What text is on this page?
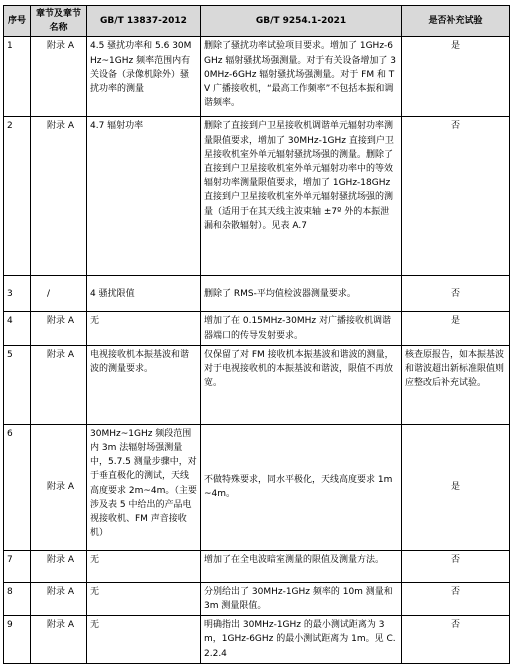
序号	章节及章节名称	GB/T 13837-2012	GB/T 9254.1-2021	是否补充试验
1	附录 A	4.5 骚扰功率和 5.6 30MHz~1GHz 频率范围内有关设备（录像机除外）骚扰功率的测量	删除了骚扰功率试验项目要求。增加了 1GHz-6GHz 辐射骚扰场强测量。对于有关设备增加了 30MHz-6GHz 辐射骚扰场强测量。对于 FM 和 TV 广播接收机，“最高工作频率”不包括本振和调谐频率。	是
2	附录 A	4.7 辐射功率	删除了直接到户卫星接收机调谐单元辐射功率测量限值要求，增加了 30MHz-1GHz 直接到户卫星接收机室外单元辐射骚扰场强的测量。删除了直接到户卫星接收机室外单元辐射功率中的等效辐射功率测量限值要求，增加了 1GHz-18GHz 直接到户卫星接收机室外单元辐射骚扰场强的测量（适用于在其天线主波束轴 ±7º 外的本振泄漏和杂散辐射）。见表 A.7	否
3	/	4 骚扰限值	删除了 RMS-平均值检波器测量要求。	否
4	附录 A	无	增加了在 0.15MHz-30MHz 对广播接收机调谐器端口的传导发射要求。	是
5	附录 A	电视接收机本振基波和谐波的测量要求。	仅保留了对 FM 接收机本振基波和谐波的测量，对于电视接收机的本振基波和谐波，限值不再放宽。	核查原报告，如本振基波和谐波超出新标准限值则应整改后补充试验。
6	附录 A	30MHz~1GHz 频段范围内 3m 法辐射场强测量中，5.7.5 测量步骤中，对于垂直极化的测试，天线高度要求 2m~4m。（主要涉及表 5 中给出的产品电视接收机、FM 声音接收机）	不做特殊要求，同水平极化，天线高度要求 1m~4m。	是
7	附录 A	无	增加了在全电波暗室测量的限值及测量方法。	否
8	附录 A	无	分别给出了 30MHz-1GHz 频率的 10m 测量和 3m 测量限值。	否
9	附录 A	无	明确指出 30MHz-1GHz 的最小测试距离为 3m，1GHz-6GHz 的最小测试距离为 1m。见 C.2.2.4	否
